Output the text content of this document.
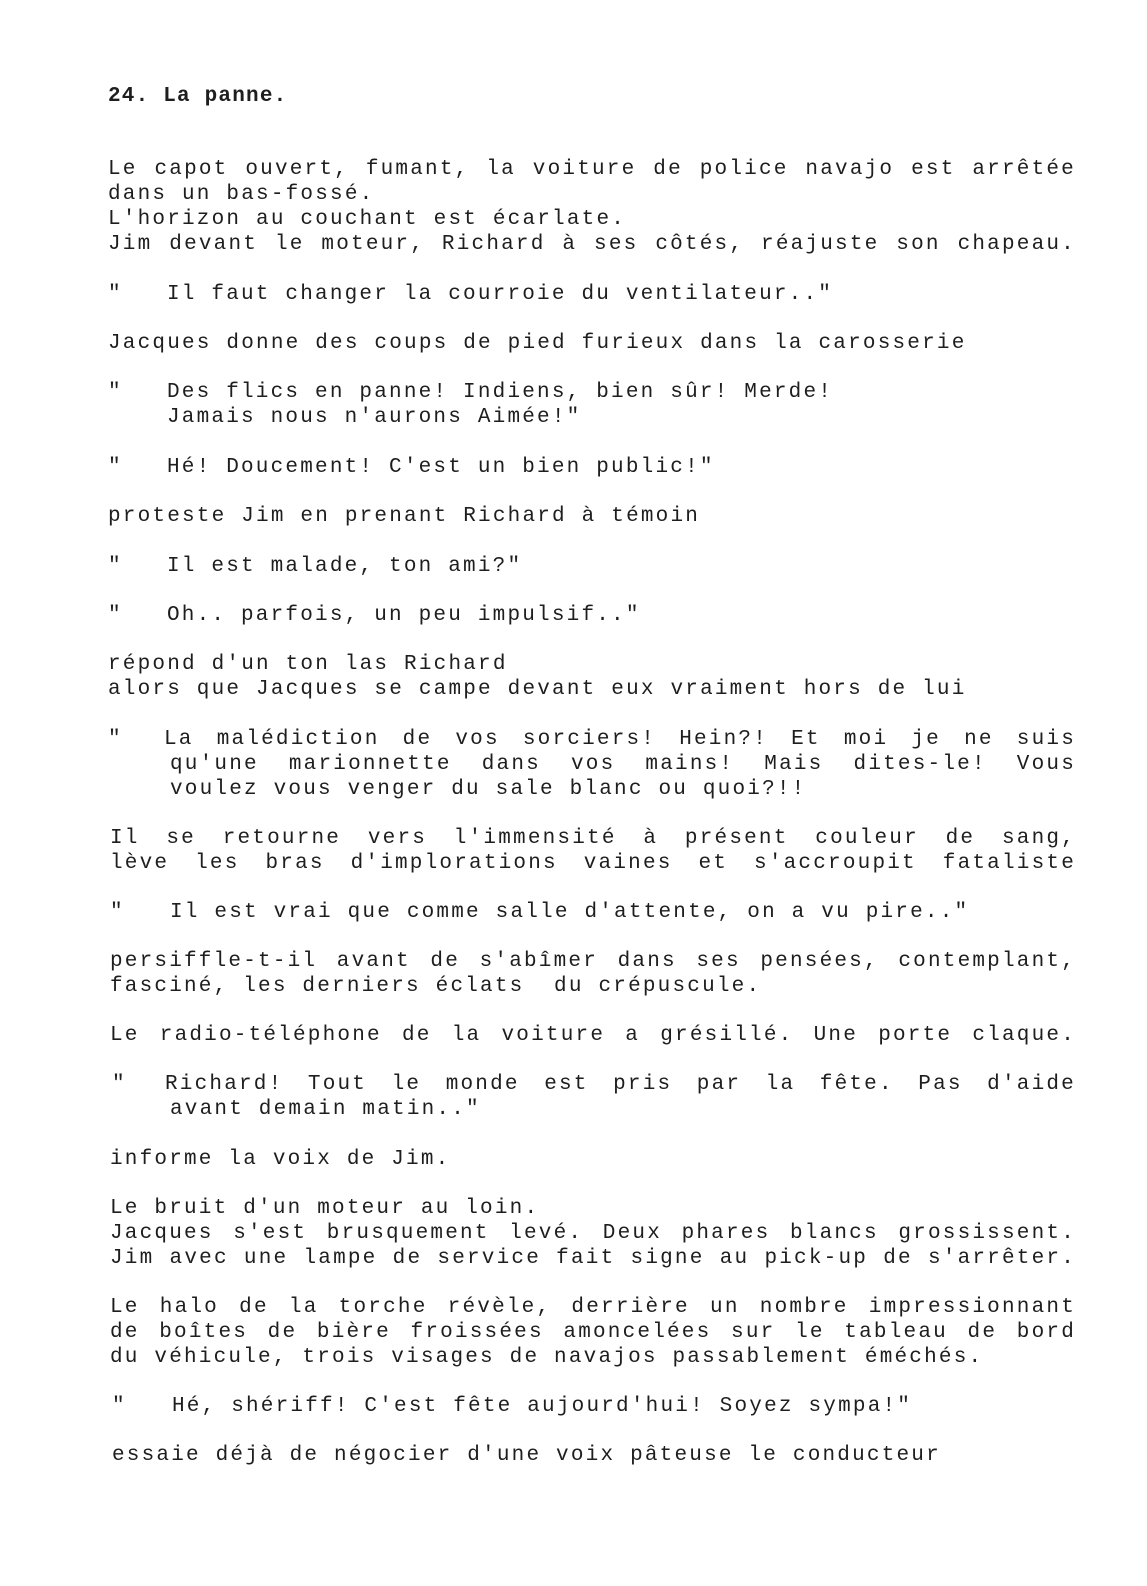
24. La panne.
Le capot ouvert, fumant, la voiture de police navajo est arrêtée
dans un bas-fossé.
L'horizon au couchant est écarlate.
Jim devant le moteur, Richard à ses côtés, réajuste son chapeau.
" Il faut changer la courroie du ventilateur.."
Jacques donne des coups de pied furieux dans la carosserie
" Des flics en panne! Indiens, bien sûr! Merde!
Jamais nous n'aurons Aimée!"
" Hé! Doucement! C'est un bien public!"
proteste Jim en prenant Richard à témoin
" Il est malade, ton ami?"
" Oh.. parfois, un peu impulsif.."
répond d'un ton las Richard
alors que Jacques se campe devant eux vraiment hors de lui
" La malédiction de vos sorciers! Hein?! Et moi je ne suis
qu'une marionnette dans vos mains! Mais dites-le! Vous
voulez vous venger du sale blanc ou quoi?!!
Il se retourne vers l'immensité à présent couleur de sang,
lève les bras d'implorations vaines et s'accroupit fataliste
" Il est vrai que comme salle d'attente, on a vu pire.."
persiffle-t-il avant de s'abîmer dans ses pensées, contemplant,
fasciné, les derniers éclats  du crépuscule.
Le radio-téléphone de la voiture a grésillé. Une porte claque.
" Richard! Tout le monde est pris par la fête. Pas d'aide
avant demain matin.."
informe la voix de Jim.
Le bruit d'un moteur au loin.
Jacques s'est brusquement levé. Deux phares blancs grossissent.
Jim avec une lampe de service fait signe au pick-up de s'arrêter.
Le halo de la torche révèle, derrière un nombre impressionnant
de boîtes de bière froissées amoncelées sur le tableau de bord
du véhicule, trois visages de navajos passablement éméchés.
" Hé, shériff! C'est fête aujourd'hui! Soyez sympa!"
essaie déjà de négocier d'une voix pâteuse le conducteur
